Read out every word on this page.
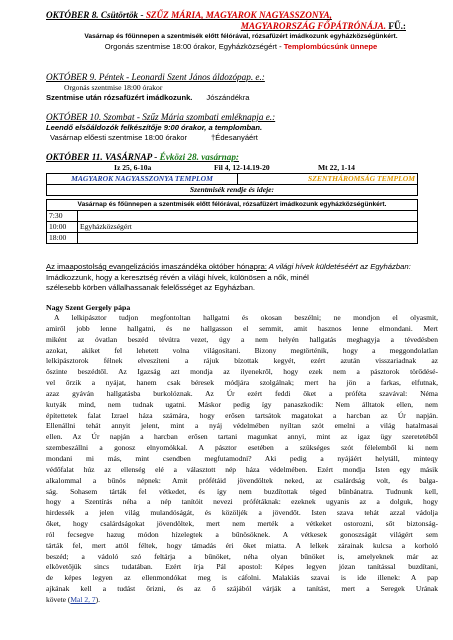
OKTÓBER 8. Csütörtök - SZŰZ MÁRIA, MAGYAROK NAGYASSZONYA,
MAGYARORSZÁG FŐPÁTRÓNÁJA. FŰ.:
Vasárnap és főünnepen a szentmisék előtt félórával, rózsafüzért imádkozunk egyházközségünkért.
Orgonás szentmise 18:00 órakor, Egyházközségért - Templombúcsúnk ünnepe
OKTÓBER 9. Péntek - Leonardi Szent János áldozópap. e.:
Orgonás szentmise 18:00 órakor
Szentmise után rózsafüzért imádkozunk. Jószándékra
OKTÓBER 10. Szombat - Szűz Mária szombati emléknapja e.:
Leendő elsőáldozók felkészítője 9:00 órakor, a templomban.
Vasárnap előesti szentmise 18:00 órakor	†Édesanyáért
OKTÓBER 11. VASÁRNAP - Évközi 28. vasárnap:
Iz 25, 6-10a	Fil 4, 12-14.19-20	Mt 22, 1-14
MAGYAROK NAGYASSZONYA TEMPLOM	SZENTHÁROMSÁG TEMPLOM
Szentmisék rendje és ideje:
Vasárnap és főünnepen a szentmisék előtt félórával, rózsafüzért imádkozunk egyházközségünkért.	
7:30	
10:00	Egyházközségért
18:00	
Az imaapostolság evangelizációs imaszándéka október hónapra: A világi hívek küldetéséért az Egyházban:
Imádkozzunk, hogy a keresztség révén a világi hívek, különösen a nők, minél
szélesebb körben vállalhassanak felelősséget az Egyházban.
Nagy Szent Gergely pápa
A lelkipásztor tudjon megfontoltan hallgatni és okosan beszélni; ne mondjon el olyasmit,
amiről jobb lenne hallgatni, és ne hallgasson el semmit, amit hasznos lenne elmondani. Mert
miként az óvatlan beszéd tévútra vezet, úgy a nem helyén hallgatás meghagyja a tévedésben
azokat, akiket fel lehetett volna világosítani. Bizony megtörténik, hogy a meggondolatlan
lelkipásztorok félnek elveszíteni a rájuk bízottak kegyét, ezért azután visszariadnak az
őszinte beszédtől. Az Igazság azt mondja az ilyenekről, hogy ezek nem a pásztorok törődésé-
vel őrzik a nyájat, hanem csak béresek módjára szolgálnak; mert ha jön a farkas, elfutnak,
azaz gyáván hallgatásba burkolóznak. Az Úr ezért feddi őket a próféta szavával: Néma
kutyák mind, nem tudnak ugatni. Máskor pedig így panaszkodik: Nem álltatok ellen, nem
építettetek falat Izrael háza számára, hogy erősen tartsátok magatokat a harcban az Úr napján.
Ellenállni tehát annyit jelent, mint a nyáj védelmében nyíltan szót emelni a világ hatalmasai
ellen. Az Úr napján a harcban erősen tartani magunkat annyi, mint az igaz ügy szeretetéből
szembeszállni a gonosz elnyomókkal. A pásztor esetében a szükséges szót félelemből ki nem
mondani mi más, mint csendben megfutamodni? Aki pedig a nyájáért helytáll, minteqy
védőfalat húz az ellenség elé a választott nép háza védelmében. Ezért mondja Isten egy másik
alkalommal a bűnös népnek: Amit prófétáid jövendöltek neked, az csalárdság volt, és balga-
ság. Sohasem tárták fel vétkedet, és így nem buzdítottak téged bűnbánatra. Tudnunk kell,
hogy a Szentírás néha a nép tanítóit nevezi prófétáknak: ezeknek ugyanis az a dolguk, hogy
hirdessék a jelen világ mulandóságát, és közöljék a jövendőt. Isten szava tehát azzal vádolja
őket, hogy csalárdságokat jövendöltek, mert nem merték a vétkeket ostorozni, sőt biztonság-
ról fecsegve hazug módon hízelegtek a bűnösöknek. A vétkesek gonoszságát világért sem
tárták fel, mert attól féltek, hogy támadás éri őket miatta. A lelkek zárainak kulcsa a korholó
beszéd; a vádoló szó feltárja a bűnöket, néha olyan bűnöket is, amelyeknek már az
elkövetőjük sincs tudatában. Ezért írja Pál apostol: Képes legyen józan tanítással buzdítani,
de képes legyen az ellenmondókat meg is cáfolni. Malakiás szavai is ide illenek: A pap
ajkának kell a tudást őrizni, és az ő szájából várják a tanítást, mert a Seregek Urának
követe (Mal 2, 7).
